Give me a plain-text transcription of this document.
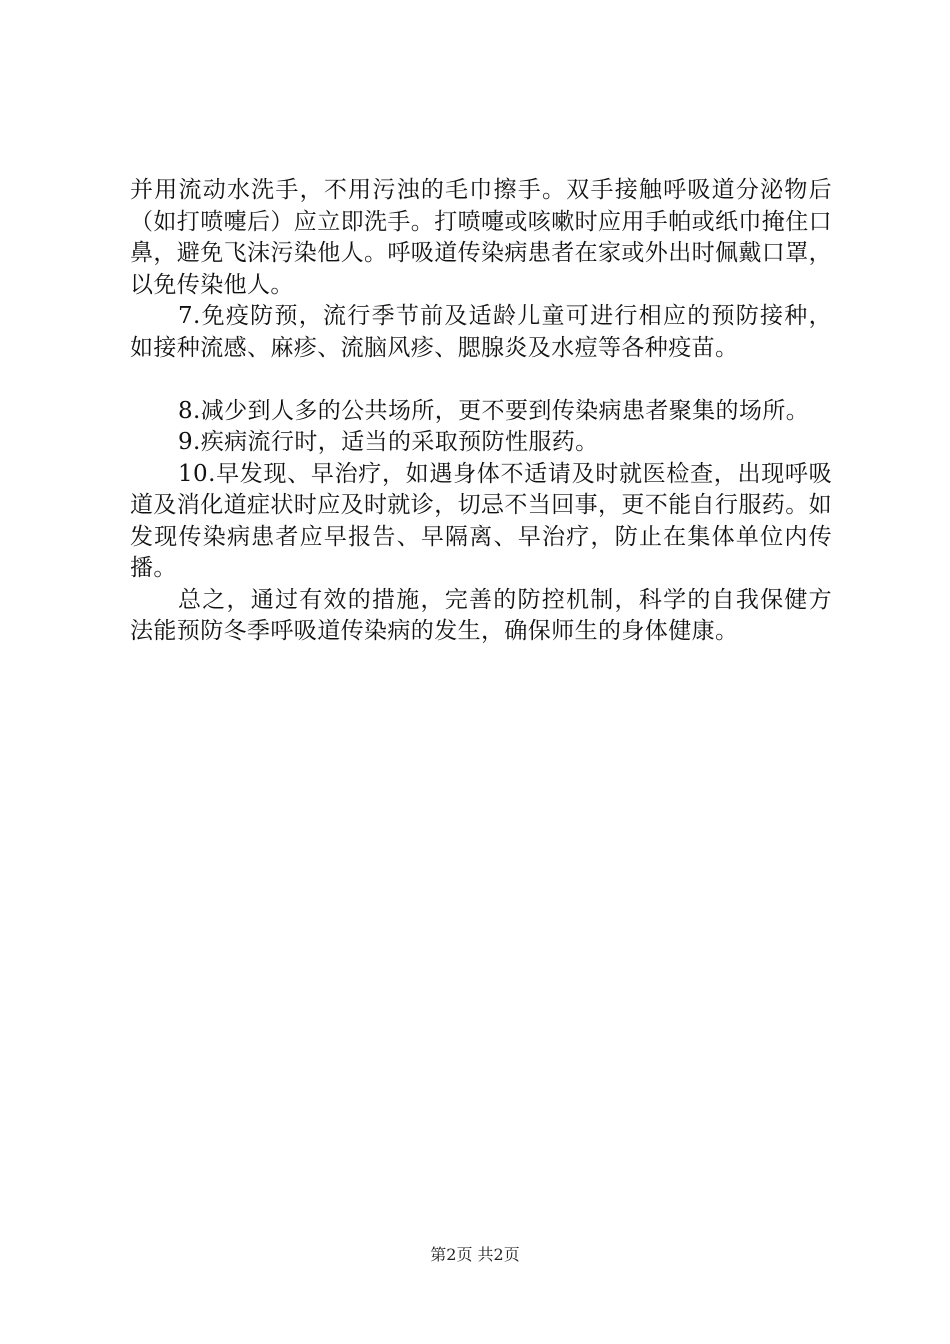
并用流动水洗手，不用污浊的毛巾擦手。双手接触呼吸道分泌物后（如打喷嚏后）应立即洗手。打喷嚏或咳嗽时应用手帕或纸巾掩住口鼻，避免飞沫污染他人。呼吸道传染病患者在家或外出时佩戴口罩，以免传染他人。

7.免疫防预，流行季节前及适龄儿童可进行相应的预防接种，如接种流感、麻疹、流脑风疹、腮腺炎及水痘等各种疫苗。

8.减少到人多的公共场所，更不要到传染病患者聚集的场所。

9.疾病流行时，适当的采取预防性服药。

10.早发现、早治疗，如遇身体不适请及时就医检查，出现呼吸道及消化道症状时应及时就诊，切忌不当回事，更不能自行服药。如发现传染病患者应早报告、早隔离、早治疗，防止在集体单位内传播。

总之，通过有效的措施，完善的防控机制，科学的自我保健方法能预防冬季呼吸道传染病的发生，确保师生的身体健康。

第2页 共2页
